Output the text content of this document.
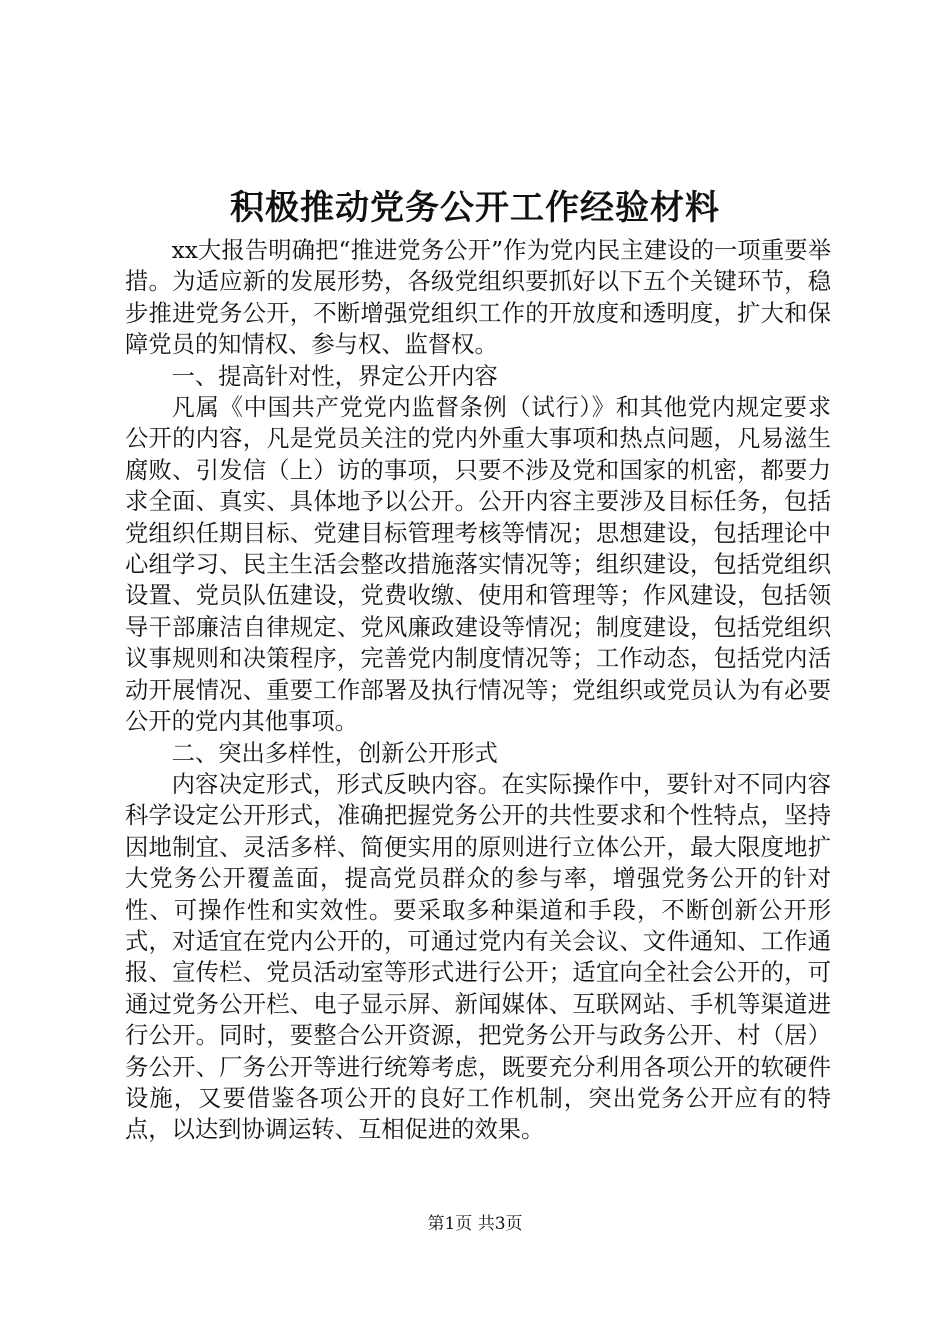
积极推动党务公开工作经验材料

xx大报告明确把“推进党务公开”作为党内民主建设的一项重要举措。为适应新的发展形势，各级党组织要抓好以下五个关键环节，稳步推进党务公开，不断增强党组织工作的开放度和透明度，扩大和保障党员的知情权、参与权、监督权。

一、提高针对性，界定公开内容

凡属《中国共产党党内监督条例（试行）》和其他党内规定要求公开的内容，凡是党员关注的党内外重大事项和热点问题，凡易滋生腐败、引发信（上）访的事项，只要不涉及党和国家的机密，都要力求全面、真实、具体地予以公开。公开内容主要涉及目标任务，包括党组织任期目标、党建目标管理考核等情况；思想建设，包括理论中心组学习、民主生活会整改措施落实情况等；组织建设，包括党组织设置、党员队伍建设，党费收缴、使用和管理等；作风建设，包括领导干部廉洁自律规定、党风廉政建设等情况；制度建设，包括党组织议事规则和决策程序，完善党内制度情况等；工作动态，包括党内活动开展情况、重要工作部署及执行情况等；党组织或党员认为有必要公开的党内其他事项。

二、突出多样性，创新公开形式

内容决定形式，形式反映内容。在实际操作中，要针对不同内容科学设定公开形式，准确把握党务公开的共性要求和个性特点，坚持因地制宜、灵活多样、简便实用的原则进行立体公开，最大限度地扩大党务公开覆盖面，提高党员群众的参与率，增强党务公开的针对性、可操作性和实效性。要采取多种渠道和手段，不断创新公开形式，对适宜在党内公开的，可通过党内有关会议、文件通知、工作通报、宣传栏、党员活动室等形式进行公开；适宜向全社会公开的，可通过党务公开栏、电子显示屏、新闻媒体、互联网站、手机等渠道进行公开。同时，要整合公开资源，把党务公开与政务公开、村（居）务公开、厂务公开等进行统筹考虑，既要充分利用各项公开的软硬件设施，又要借鉴各项公开的良好工作机制，突出党务公开应有的特点，以达到协调运转、互相促进的效果。

第1页 共3页
